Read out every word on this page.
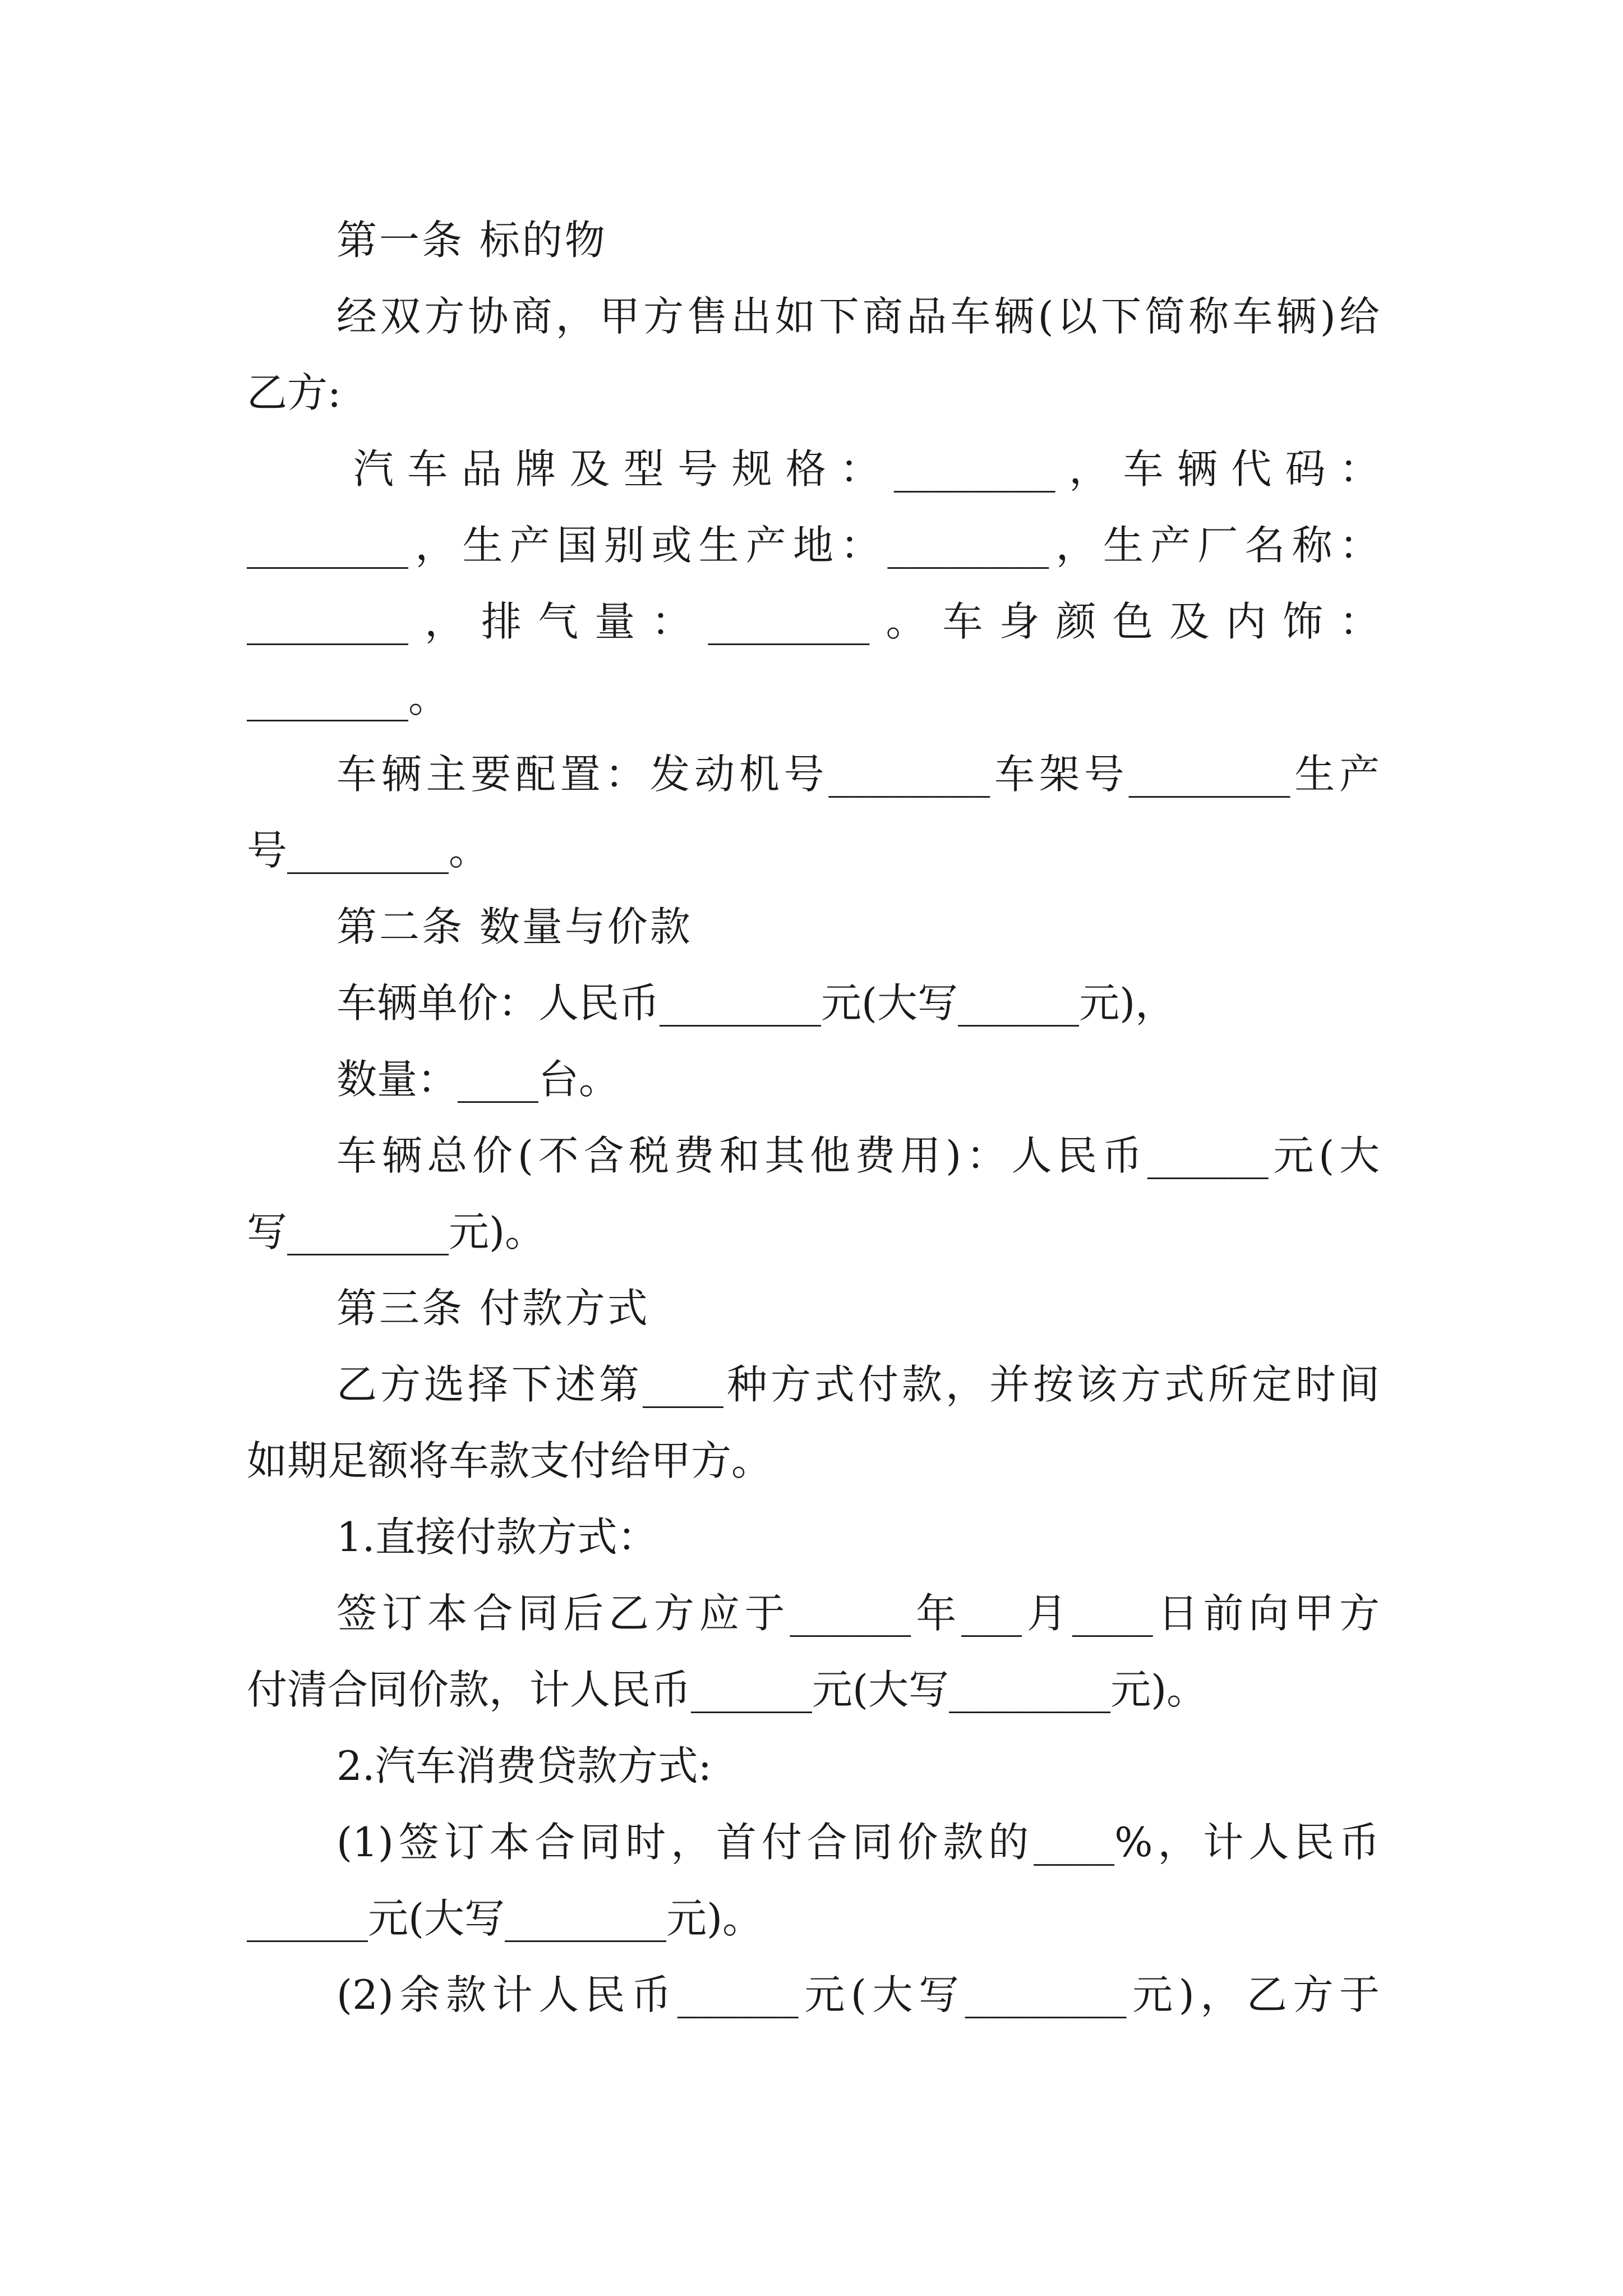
第一条 标的物
经双方协商，甲方售出如下商品车辆(以下简称车辆)给
乙方:
汽车品牌及型号规格：________，车辆代码：
________，生产国别或生产地：________，生产厂名称：
________，排气量：________。车身颜色及内饰：
________。
车辆主要配置：发动机号________车架号________生产
号________。
第二条 数量与价款
车辆单价：人民币________元(大写______元)，
数量：____台。
车辆总价(不含税费和其他费用)：人民币______元(大
写________元)。
第三条 付款方式
乙方选择下述第____种方式付款，并按该方式所定时间
如期足额将车款支付给甲方。
1.直接付款方式：
签订本合同后乙方应于______年___月____日前向甲方
付清合同价款，计人民币______元(大写________元)。
2.汽车消费贷款方式:
(1)签订本合同时，首付合同价款的____%，计人民币
______元(大写________元)。
(2)余款计人民币______元(大写________元)，乙方于
